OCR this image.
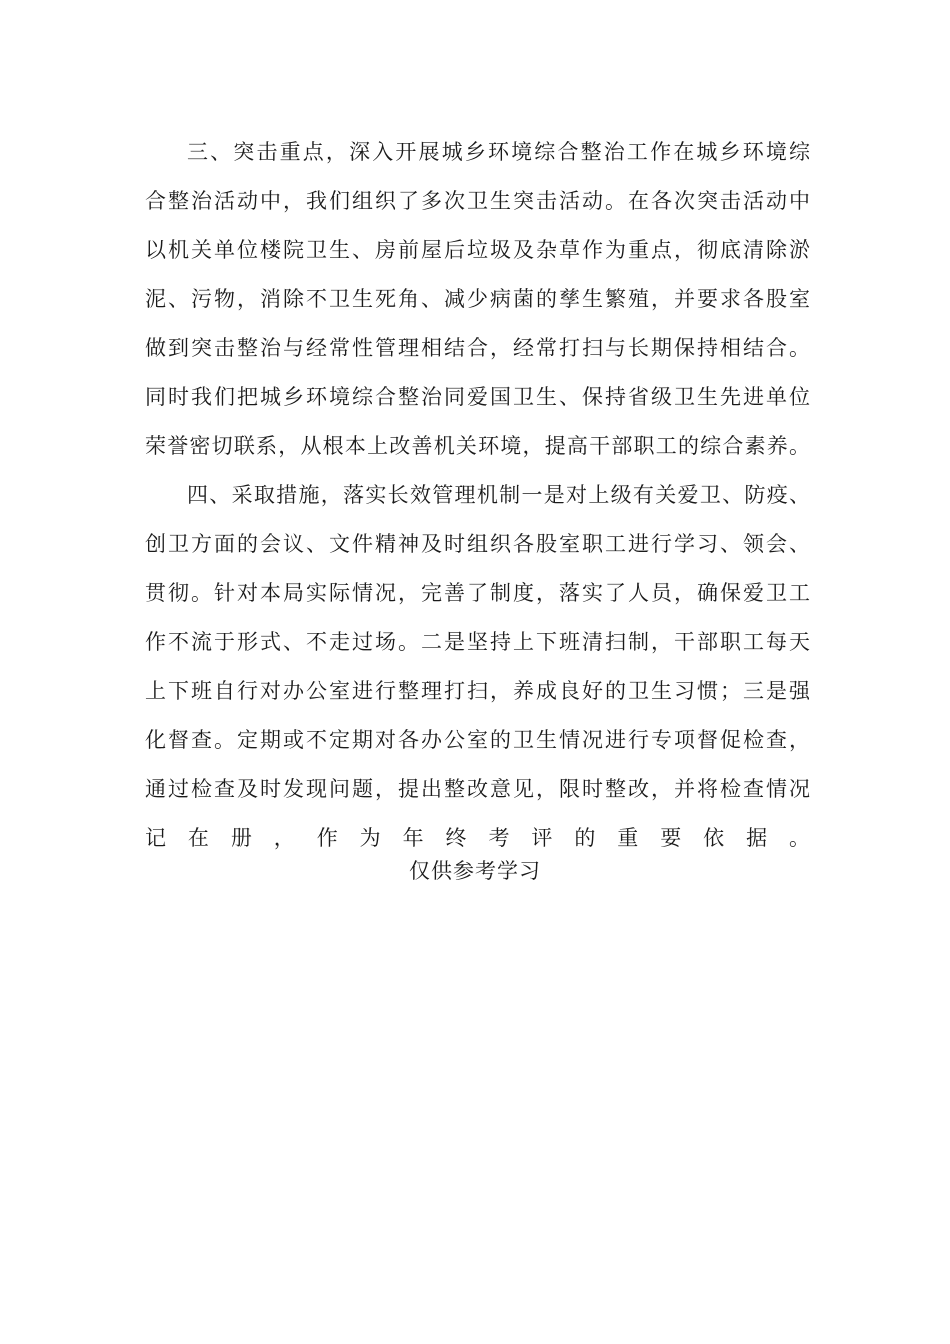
三、突击重点，深入开展城乡环境综合整治工作在城乡环境综
合整治活动中，我们组织了多次卫生突击活动。在各次突击活动中
以机关单位楼院卫生、房前屋后垃圾及杂草作为重点，彻底清除淤
泥、污物，消除不卫生死角、减少病菌的孳生繁殖，并要求各股室
做到突击整治与经常性管理相结合，经常打扫与长期保持相结合。
同时我们把城乡环境综合整治同爱国卫生、保持省级卫生先进单位
荣誉密切联系，从根本上改善机关环境，提高干部职工的综合素养。
四、采取措施，落实长效管理机制一是对上级有关爱卫、防疫、
创卫方面的会议、文件精神及时组织各股室职工进行学习、领会、
贯彻。针对本局实际情况，完善了制度，落实了人员，确保爱卫工
作不流于形式、不走过场。二是坚持上下班清扫制，干部职工每天
上下班自行对办公室进行整理打扫，养成良好的卫生习惯；三是强
化督查。定期或不定期对各办公室的卫生情况进行专项督促检查，
通过检查及时发现问题，提出整改意见，限时整改，并将检查情况
记在册，作为年终考评的重要依据。
仅供参考学习
